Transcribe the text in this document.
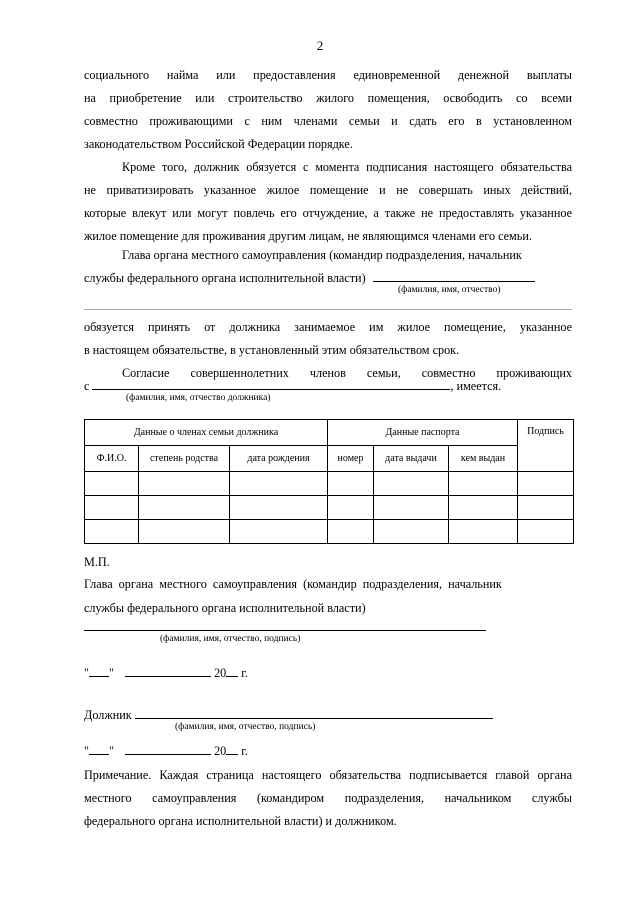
2

социального найма или предоставления единовременной денежной выплаты

на приобретение или строительство жилого помещения, освободить со всеми

совместно проживающими с ним членами семьи и сдать его в установленном

законодательством Российской Федерации порядке.

Кроме того, должник обязуется с момента подписания настоящего обязательства

не приватизировать указанное жилое помещение и не совершать иных действий,

которые влекут или могут повлечь его отчуждение, а также не предоставлять указанное

жилое помещение для проживания другим лицам, не являющимся членами его семьи.

Глава органа местного самоуправления (командир подразделения, начальник

службы федерального органа исполнительной власти)

(фамилия, имя, отчество)

обязуется принять от должника занимаемое им жилое помещение, указанное

в настоящем обязательстве, в установленный этим обязательством срок.

Согласие совершеннолетних членов семьи, совместно проживающих

с	, имеется.
(фамилия, имя, отчество должника)
Данные о членах семьи должника			Данные паспорта			Подпись
Ф.И.О.	степень родства	дата рождения	номер	дата выдачи	кем выдан	

М.П.
Глава органа местного самоуправления (командир подразделения, начальник
службы федерального органа исполнительной власти)
(фамилия, имя, отчество, подпись)
" "	20 г.
Должник
(фамилия, имя, отчество, подпись)
" "	20 г.

Примечание. Каждая страница настоящего обязательства подписывается главой органа

местного самоуправления (командиром подразделения, начальником службы

федерального органа исполнительной власти) и должником.
